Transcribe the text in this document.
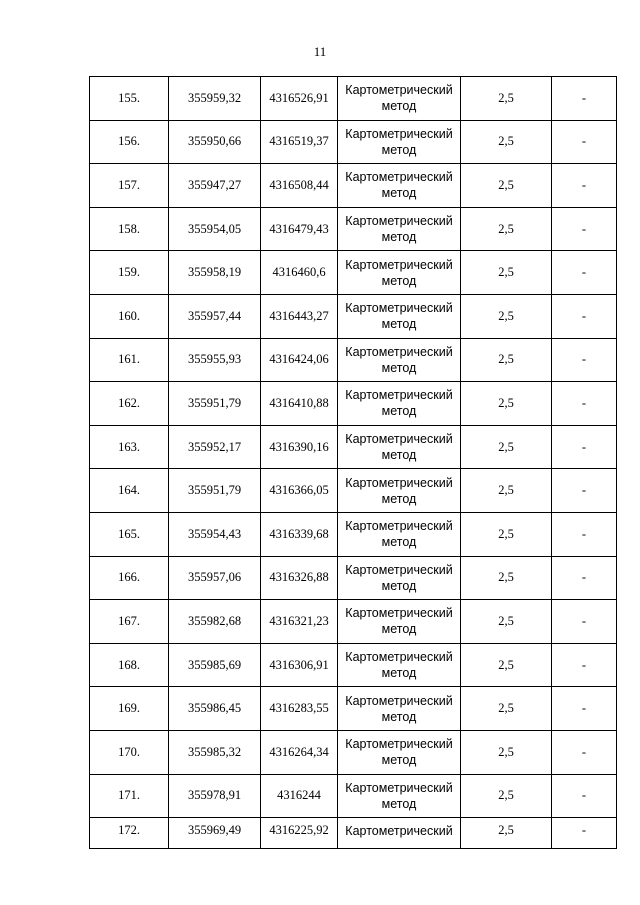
11
155.	355959,32	4316526,91	Картометрический
метод	2,5	-
156.	355950,66	4316519,37	Картометрический
метод	2,5	-
157.	355947,27	4316508,44	Картометрический
метод	2,5	-
158.	355954,05	4316479,43	Картометрический
метод	2,5	-
159.	355958,19	4316460,6	Картометрический
метод	2,5	-
160.	355957,44	4316443,27	Картометрический
метод	2,5	-
161.	355955,93	4316424,06	Картометрический
метод	2,5	-
162.	355951,79	4316410,88	Картометрический
метод	2,5	-
163.	355952,17	4316390,16	Картометрический
метод	2,5	-
164.	355951,79	4316366,05	Картометрический
метод	2,5	-
165.	355954,43	4316339,68	Картометрический
метод	2,5	-
166.	355957,06	4316326,88	Картометрический
метод	2,5	-
167.	355982,68	4316321,23	Картометрический
метод	2,5	-
168.	355985,69	4316306,91	Картометрический
метод	2,5	-
169.	355986,45	4316283,55	Картометрический
метод	2,5	-
170.	355985,32	4316264,34	Картометрический
метод	2,5	-
171.	355978,91	4316244	Картометрический
метод	2,5	-
172.	355969,49	4316225,92	Картометрический	2,5	-
